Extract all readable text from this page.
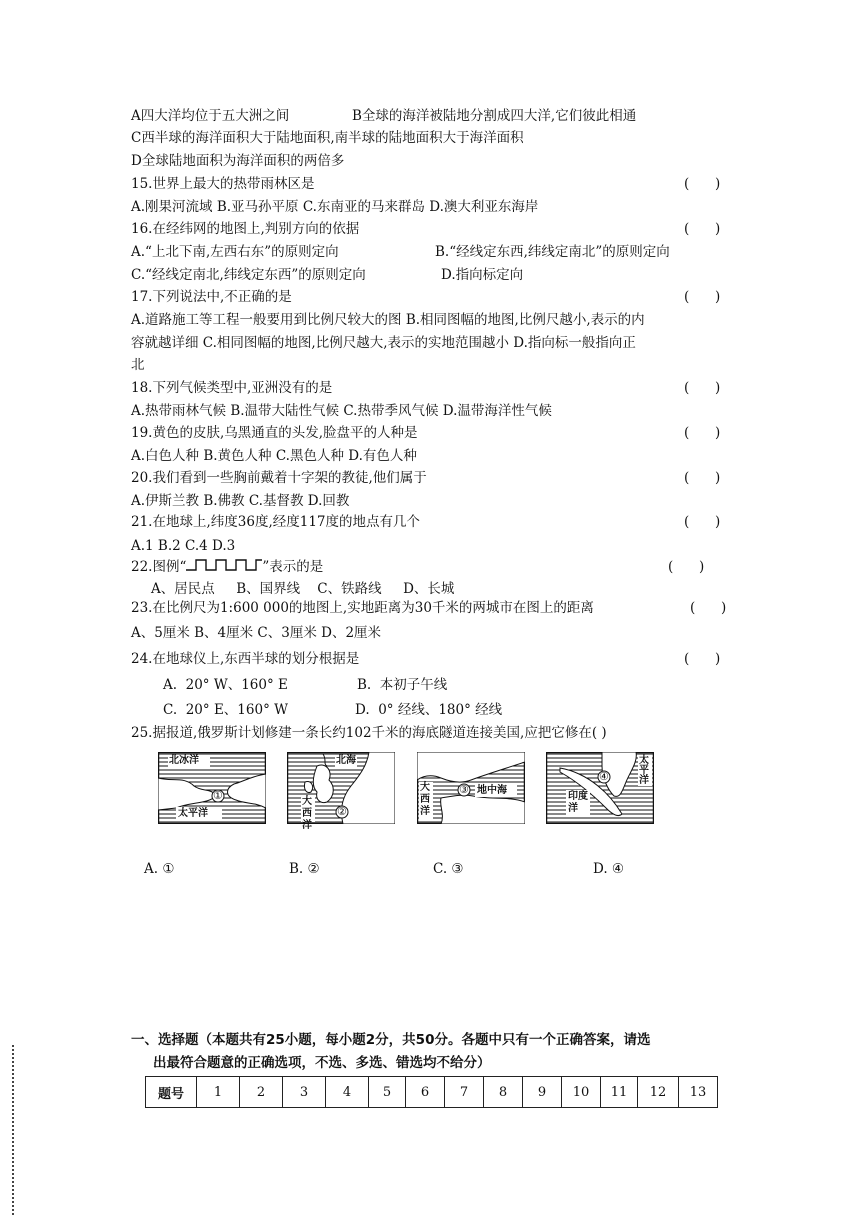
A四大洋均位于五大洲之间	B全球的海洋被陆地分割成四大洋,它们彼此相通
C西半球的海洋面积大于陆地面积,南半球的陆地面积大于海洋面积
D全球陆地面积为海洋面积的两倍多
15.世界上最大的热带雨林区是	(      )
A.刚果河流域 B.亚马孙平原 C.东南亚的马来群岛 D.澳大利亚东海岸
16.在经纬网的地图上,判别方向的依据	(      )
A.“上北下南,左西右东”的原则定向	B.“经线定东西,纬线定南北”的原则定向
C.“经线定南北,纬线定东西”的原则定向	D.指向标定向
17.下列说法中,不正确的是	(      )
A.道路施工等工程一般要用到比例尺较大的图 B.相同图幅的地图,比例尺越小,表示的内
容就越详细 C.相同图幅的地图,比例尺越大,表示的实地范围越小 D.指向标一般指向正
北
18.下列气候类型中,亚洲没有的是	(      )
A.热带雨林气候 B.温带大陆性气候 C.热带季风气候 D.温带海洋性气候
19.黄色的皮肤,乌黑通直的头发,脸盘平的人种是	(      )
A.白色人种 B.黄色人种 C.黑色人种 D.有色人种
20.我们看到一些胸前戴着十字架的教徒,他们属于	(      )
A.伊斯兰教 B.佛教 C.基督教 D.回教
21.在地球上,纬度36度,经度117度的地点有几个	(      )
A.1 B.2 C.4 D.3
22.图例“	”表示的是	(      )
A、居民点     B、国界线    C、铁路线     D、长城
23.在比例尺为1:600 000的地图上,实地距离为30千米的两城市在图上的距离	(      )
A、5厘米 B、4厘米 C、3厘米 D、2厘米
24.在地球仪上,东西半球的划分根据是	(      )
A.  20° W、160° E	B.  本初子午线
C.  20° E、160° W	D.  0° 经线、180° 经线
25.据报道,俄罗斯计划修建一条长约102千米的海底隧道连接美国,应把它修在( )
北冰洋
太平洋
①
北海
大西洋
②
大西洋
地中海
③
印度洋
太平洋
④
A. ①	B. ②	C. ③	D. ④
一、选择题（本题共有25小题，每小题2分，共50分。各题中只有一个正确答案，请选
出最符合题意的正确选项，不选、多选、错选均不给分）
题号	1	2	3	4	5	6	7	8	9	10	11	12	13
